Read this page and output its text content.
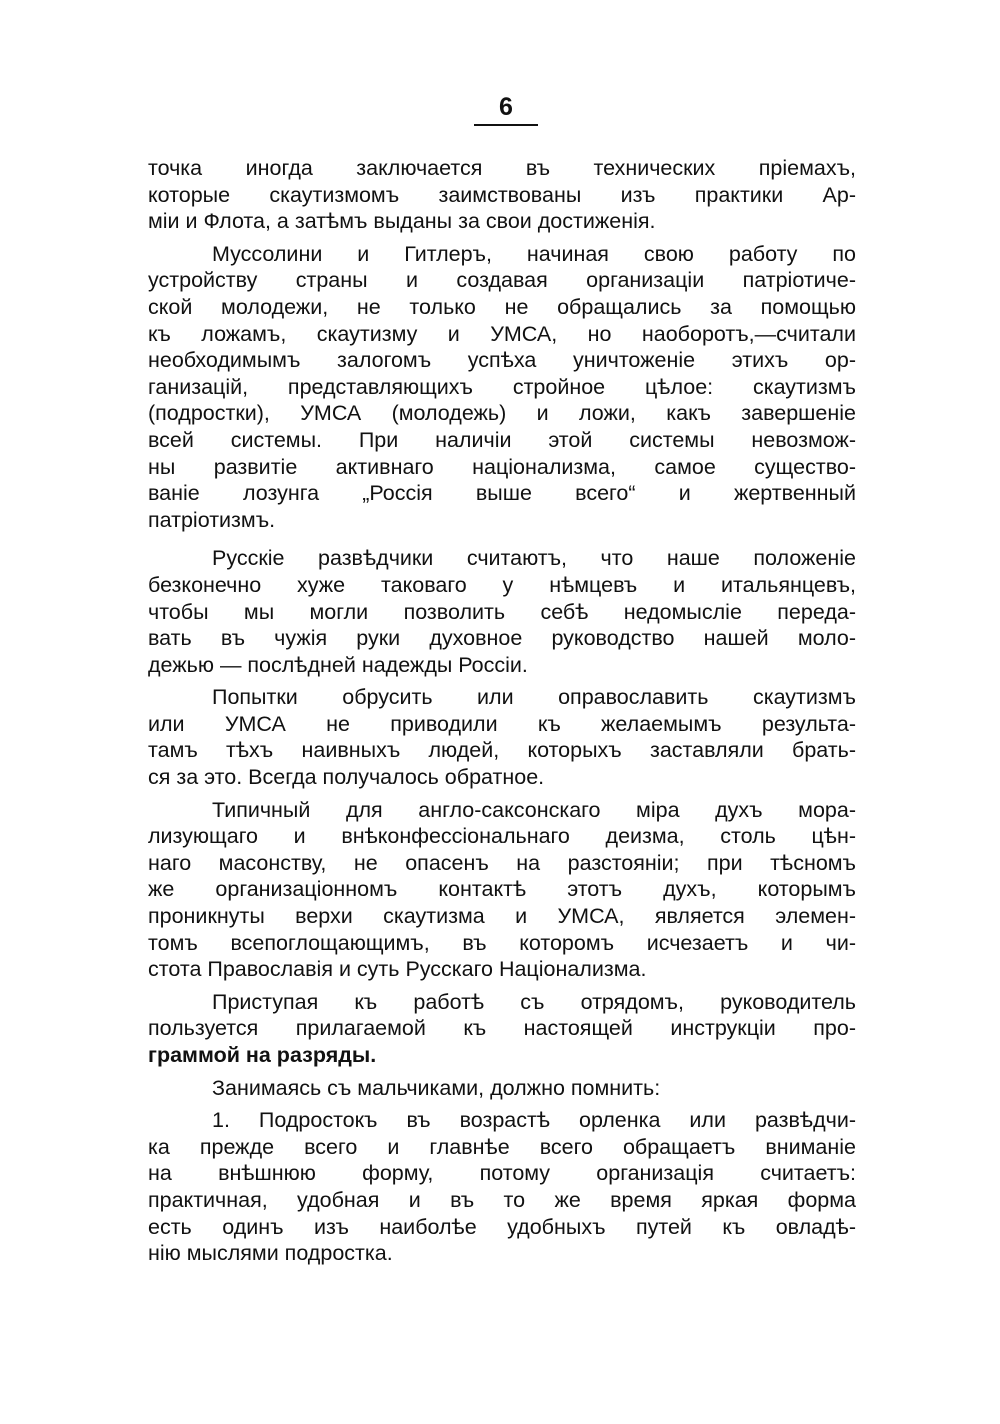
6
точка иногда заключается въ технических пріемахъ,
которые скаутизмомъ заимствованы изъ практики Ар-
міи и Флота, а затѣмъ выданы за свои достиженія.
Муссолини и Гитлеръ, начиная свою работу по
устройству страны и создавая организаціи патріотиче-
ской молодежи, не только не обращались за помощью
къ ложамъ, скаутизму и УМСА, но наоборотъ,—считали
необходимымъ залогомъ успѣха уничтоженіе этихъ ор-
ганизацій, представляющихъ стройное цѣлое: скаутизмъ
(подростки), УМСА (молодежь) и ложи, какъ завершеніе
всей системы. При наличіи этой системы невозмож-
ны развитіе активнаго націонализма, самое существо-
ваніе лозунга „Россія выше всего“ и жертвенный
патріотизмъ.
Русскіе развѣдчики считаютъ, что наше положеніе
безконечно хуже таковаго у нѣмцевъ и итальянцевъ,
чтобы мы могли позволить себѣ недомысліе переда-
вать въ чужія руки духовное руководство нашей моло-
дежью — послѣдней надежды Россіи.
Попытки обрусить или оправославить скаутизмъ
или УМСА не приводили къ желаемымъ результа-
тамъ тѣхъ наивныхъ людей, которыхъ заставляли брать-
ся за это. Всегда получалось обратное.
Типичный для англо-саксонскаго міра духъ мора-
лизующаго и внѣконфессіональнаго деизма, столь цѣн-
наго масонству, не опасенъ на разстояніи; при тѣсномъ
же организаціонномъ контактѣ этотъ духъ, которымъ
проникнуты верхи скаутизма и УМСА, является элемен-
томъ всепоглощающимъ, въ которомъ исчезаетъ и чи-
стота Православія и суть Русскаго Націонализма.
Приступая къ работѣ съ отрядомъ, руководитель
пользуется прилагаемой къ настоящей инструкціи про-
граммой на разряды.
Занимаясь съ мальчиками, должно помнить:
1. Подростокъ въ возрастѣ орленка или развѣдчи-
ка прежде всего и главнѣе всего обращаетъ вниманіе
на внѣшнюю форму, потому организація считаетъ:
практичная, удобная и въ то же время яркая форма
есть одинъ изъ наиболѣе удобныхъ путей къ овладѣ-
нію мыслями подростка.
